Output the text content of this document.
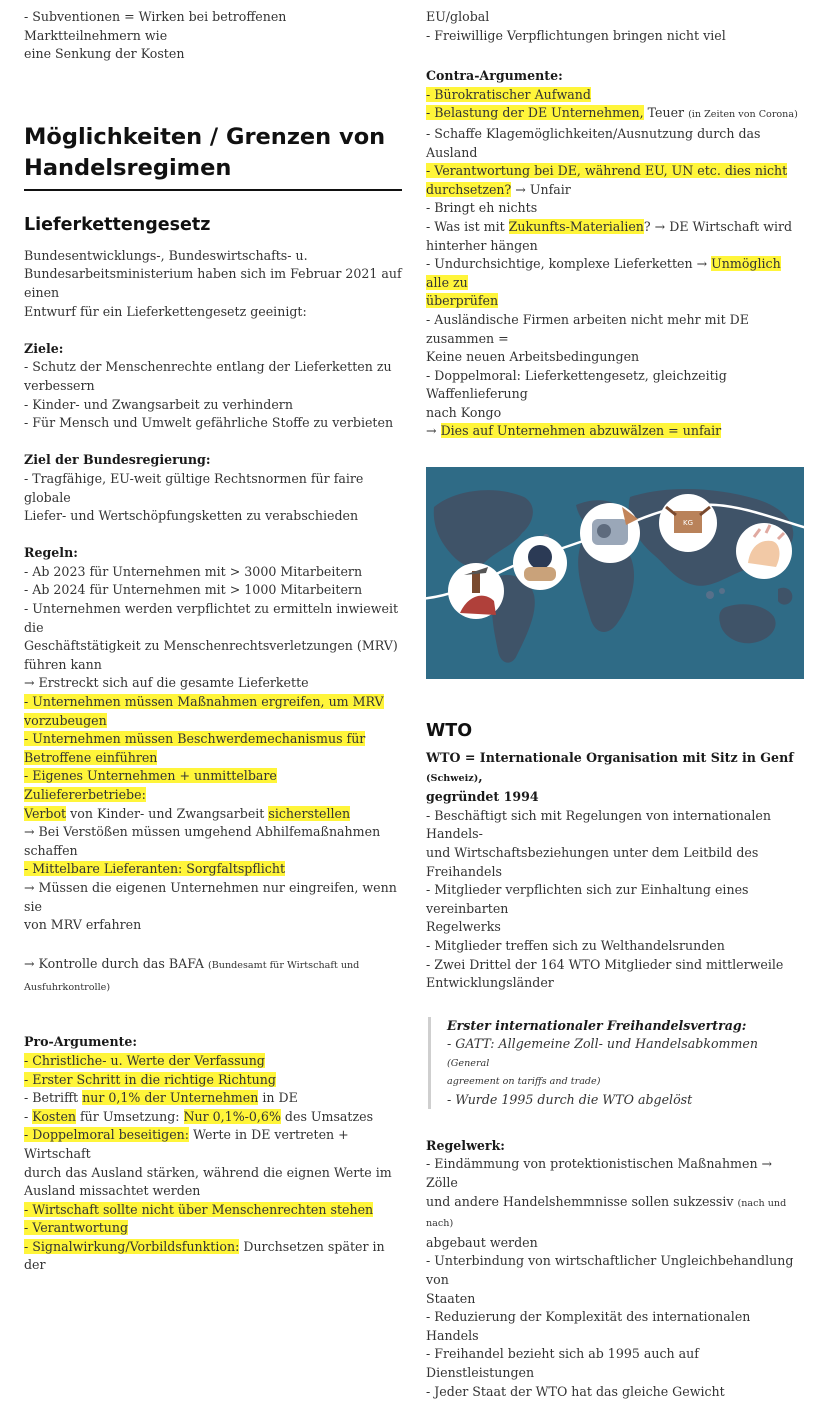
- Subventionen = Wirken bei betroffenen Marktteilnehmern wie

eine Senkung der Kosten

Möglichkeiten / Grenzen von
Handelsregimen
Lieferkettengesetz

Bundesentwicklungs-, Bundeswirtschafts- u.

Bundesarbeitsministerium haben sich im Februar 2021 auf einen

Entwurf für ein Lieferkettengesetz geeinigt:

Ziele:

- Schutz der Menschenrechte entlang der Lieferketten zu

verbessern

- Kinder- und Zwangsarbeit zu verhindern

- Für Mensch und Umwelt gefährliche Stoffe zu verbieten

Ziel der Bundesregierung:

- Tragfähige, EU-weit gültige Rechtsnormen für faire globale

Liefer- und Wertschöpfungsketten zu verabschieden

Regeln:

- Ab 2023 für Unternehmen mit > 3000 Mitarbeitern

- Ab 2024 für Unternehmen mit > 1000 Mitarbeitern

- Unternehmen werden verpflichtet zu ermitteln inwieweit die

Geschäftstätigkeit zu Menschenrechtsverletzungen (MRV)

führen kann

→ Erstreckt sich auf die gesamte Lieferkette

- Unternehmen müssen Maßnahmen ergreifen, um MRV

vorzubeugen

- Unternehmen müssen Beschwerdemechanismus für

Betroffene einführen

- Eigenes Unternehmen + unmittelbare Zuliefererbetriebe:

Verbot von Kinder- und Zwangsarbeit sicherstellen

→ Bei Verstößen müssen umgehend Abhilfemaßnahmen

schaffen

- Mittelbare Lieferanten: Sorgfaltspflicht

→ Müssen die eigenen Unternehmen nur eingreifen, wenn sie

von MRV erfahren

→ Kontrolle durch das BAFA (Bundesamt für Wirtschaft und

Ausfuhrkontrolle)

Pro-Argumente:

- Christliche- u. Werte der Verfassung

- Erster Schritt in die richtige Richtung

- Betrifft nur 0,1% der Unternehmen in DE

- Kosten für Umsetzung: Nur 0,1%-0,6% des Umsatzes

- Doppelmoral beseitigen: Werte in DE vertreten + Wirtschaft

durch das Ausland stärken, während die eignen Werte im

Ausland missachtet werden

- Wirtschaft sollte nicht über Menschenrechten stehen

- Verantwortung

- Signalwirkung/Vorbildsfunktion: Durchsetzen später in der

EU/global

- Freiwillige Verpflichtungen bringen nicht viel

Contra-Argumente:

- Bürokratischer Aufwand

- Belastung der DE Unternehmen, Teuer (in Zeiten von Corona)

- Schaffe Klagemöglichkeiten/Ausnutzung durch das Ausland

- Verantwortung bei DE, während EU, UN etc. dies nicht

durchsetzen? → Unfair

- Bringt eh nichts

- Was ist mit Zukunfts-Materialien? → DE Wirtschaft wird

hinterher hängen

- Undurchsichtige, komplexe Lieferketten → Unmöglich alle zu

überprüfen

- Ausländische Firmen arbeiten nicht mehr mit DE zusammen =

Keine neuen Arbeitsbedingungen

- Doppelmoral: Lieferkettengesetz, gleichzeitig Waffenlieferung

nach Kongo

→ Dies auf Unternehmen abzuwälzen = unfair

KG
WTO

WTO = Internationale Organisation mit Sitz in Genf (Schweiz),

gegründet 1994

- Beschäftigt sich mit Regelungen von internationalen Handels-

und Wirtschaftsbeziehungen unter dem Leitbild des Freihandels

- Mitglieder verpflichten sich zur Einhaltung eines vereinbarten

Regelwerks

- Mitglieder treffen sich zu Welthandelsrunden

- Zwei Drittel der 164 WTO Mitglieder sind mittlerweile

Entwicklungsländer

Erster internationaler Freihandelsvertrag:

- GATT: Allgemeine Zoll- und Handelsabkommen (General

agreement on tariffs and trade)

- Wurde 1995 durch die WTO abgelöst

Regelwerk:

- Eindämmung von protektionistischen Maßnahmen → Zölle

und andere Handelshemmnisse sollen sukzessiv (nach und nach)

abgebaut werden

- Unterbindung von wirtschaftlicher Ungleichbehandlung von

Staaten

- Reduzierung der Komplexität des internationalen Handels

- Freihandel bezieht sich ab 1995 auch auf Dienstleistungen

- Jeder Staat der WTO hat das gleiche Gewicht
